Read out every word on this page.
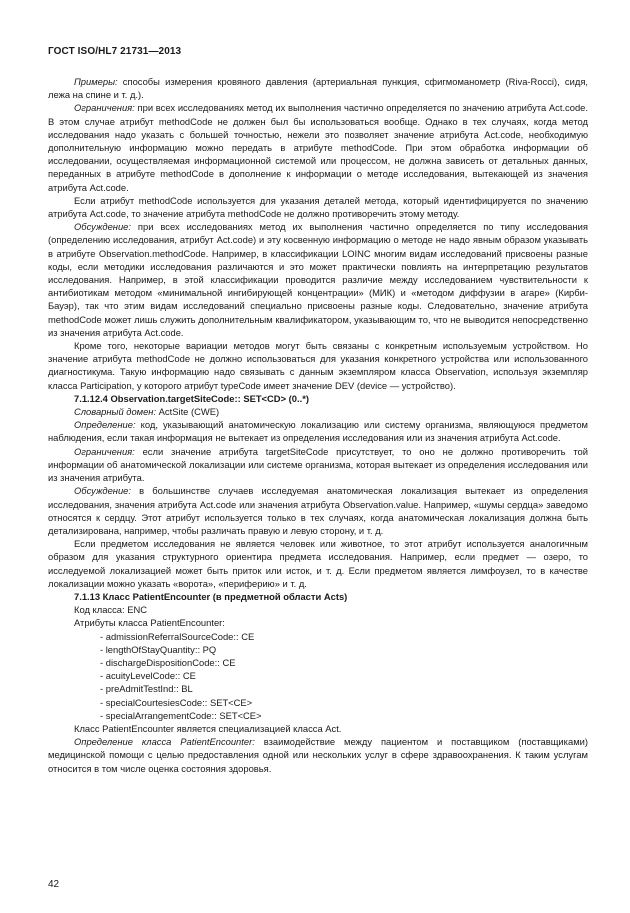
ГОСТ ISO/HL7 21731—2013

Примеры: способы измерения кровяного давления (артериальная пункция, сфигмоманометр (Riva-Rocci), сидя, лежа на спине и т. д.).

Ограничения: при всех исследованиях метод их выполнения частично определяется по значению атрибута Act.code. В этом случае атрибут methodCode не должен был бы использоваться вообще. Однако в тех случаях, когда метод исследования надо указать с большей точностью, нежели это позволяет значение атрибута Act.code, необходимую дополнительную информацию можно передать в атрибуте methodCode. При этом обработка информации об исследовании, осуществляемая информационной системой или процессом, не должна зависеть от детальных данных, переданных в атрибуте methodCode в дополнение к информации о методе исследования, вытекающей из значения атрибута Act.code.

Если атрибут methodCode используется для указания деталей метода, который идентифицируется по значению атрибута Act.code, то значение атрибута methodCode не должно противоречить этому методу.

Обсуждение: при всех исследованиях метод их выполнения частично определяется по типу исследования (определению исследования, атрибут Act.code) и эту косвенную информацию о методе не надо явным образом указывать в атрибуте Observation.methodCode. Например, в классификации LOINC многим видам исследований присвоены разные коды, если методики исследования различаются и это может практически повлиять на интерпретацию результатов исследования. Например, в этой классификации проводится различие между исследованием чувствительности к антибиотикам методом «минимальной ингибирующей концентрации» (МИК) и «методом диффузии в агаре» (Кирби-Бауэр), так что этим видам исследований специально присвоены разные коды. Следовательно, значение атрибута methodCode может лишь служить дополнительным квалификатором, указывающим то, что не выводится непосредственно из значения атрибута Act.code.

Кроме того, некоторые вариации методов могут быть связаны с конкретным используемым устройством. Но значение атрибута methodCode не должно использоваться для указания конкретного устройства или использованного диагностикума. Такую информацию надо связывать с данным экземпляром класса Observation, используя экземпляр класса Participation, у которого атрибут typeCode имеет значение DEV (device — устройство).

7.1.12.4 Observation.targetSiteCode:: SET<CD> (0..*)

Словарный домен: ActSite (CWE)

Определение: код, указывающий анатомическую локализацию или систему организма, являющуюся предметом наблюдения, если такая информация не вытекает из определения исследования или из значения атрибута Act.code.

Ограничения: если значение атрибута targetSiteCode присутствует, то оно не должно противоречить той информации об анатомической локализации или системе организма, которая вытекает из определения исследования или из значения атрибута.

Обсуждение: в большинстве случаев исследуемая анатомическая локализация вытекает из определения исследования, значения атрибута Act.code или значения атрибута Observation.value. Например, «шумы сердца» заведомо относятся к сердцу. Этот атрибут используется только в тех случаях, когда анатомическая локализация должна быть детализирована, например, чтобы различать правую и левую сторону, и т. д.

Если предметом исследования не является человек или животное, то этот атрибут используется аналогичным образом для указания структурного ориентира предмета исследования. Например, если предмет — озеро, то исследуемой локализацией может быть приток или исток, и т. д. Если предметом является лимфоузел, то в качестве локализации можно указать «ворота», «периферию» и т. д.

7.1.13 Класс PatientEncounter (в предметной области Acts)

Код класса: ENC

Атрибуты класса PatientEncounter:

- admissionReferralSourceCode:: CE

- lengthOfStayQuantity:: PQ

- dischargeDispositionCode:: CE

- acuityLevelCode:: CE

- preAdmitTestInd:: BL

- specialCourtesiesCode:: SET<CE>

- specialArrangementCode:: SET<CE>

Класс PatientEncounter является специализацией класса Act.

Определение класса PatientEncounter: взаимодействие между пациентом и поставщиком (поставщиками) медицинской помощи с целью предоставления одной или нескольких услуг в сфере здравоохранения. К таким услугам относится в том числе оценка состояния здоровья.

42
